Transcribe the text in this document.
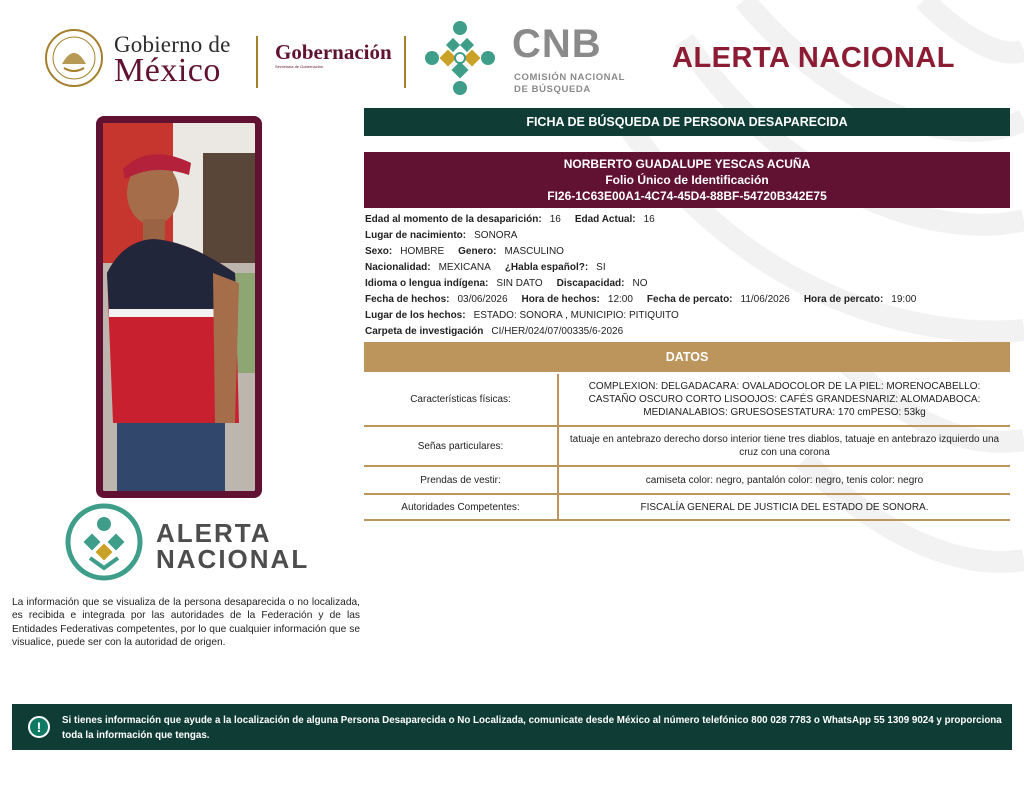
Gobierno de
México	Gobernación
Secretaría de Gobernación
CNB
COMISIÓN NACIONAL
DE BÚSQUEDA
ALERTA NACIONAL
ALERTA
NACIONAL
La información que se visualiza de la persona desaparecida o no localizada, es recibida e integrada por las autoridades de la Federación y de las Entidades Federativas competentes, por lo que cualquier información que se visualice, puede ser con la autoridad de origen.
FICHA DE BÚSQUEDA DE PERSONA DESAPARECIDA
NORBERTO GUADALUPE YESCAS ACUÑA
Folio Único de Identificación
FI26-1C63E00A1-4C74-45D4-88BF-54720B342E75
Edad al momento de la desaparición: 16 Edad Actual: 16
Lugar de nacimiento: SONORA
Sexo: HOMBRE Genero: MASCULINO
Nacionalidad: MEXICANA ¿Habla español?: SI
Idioma o lengua indígena: SIN DATO Discapacidad: NO
Fecha de hechos: 03/06/2026 Hora de hechos: 12:00 Fecha de percato: 11/06/2026 Hora de percato: 19:00
Lugar de los hechos: ESTADO: SONORA , MUNICIPIO: PITIQUITO
Carpeta de investigación CI/HER/024/07/00335/6-2026
DATOS
Características físicas:	COMPLEXION: DELGADACARA: OVALADOCOLOR DE LA PIEL: MORENOCABELLO: CASTAÑO OSCURO CORTO LISOOJOS: CAFÉS GRANDESNARIZ: ALOMADABOCA: MEDIANALABIOS: GRUESOSESTATURA: 170 cmPESO: 53kg
Señas particulares:	tatuaje en antebrazo derecho dorso interior tiene tres diablos, tatuaje en antebrazo izquierdo una cruz con una corona
Prendas de vestir:	camiseta color: negro, pantalón color: negro, tenis color: negro
Autoridades Competentes:	FISCALÍA GENERAL DE JUSTICIA DEL ESTADO DE SONORA.
!	Si tienes información que ayude a la localización de alguna Persona Desaparecida o No Localizada, comunicate desde México al número telefónico 800 028 7783 o WhatsApp 55 1309 9024 y proporciona toda la información que tengas.
